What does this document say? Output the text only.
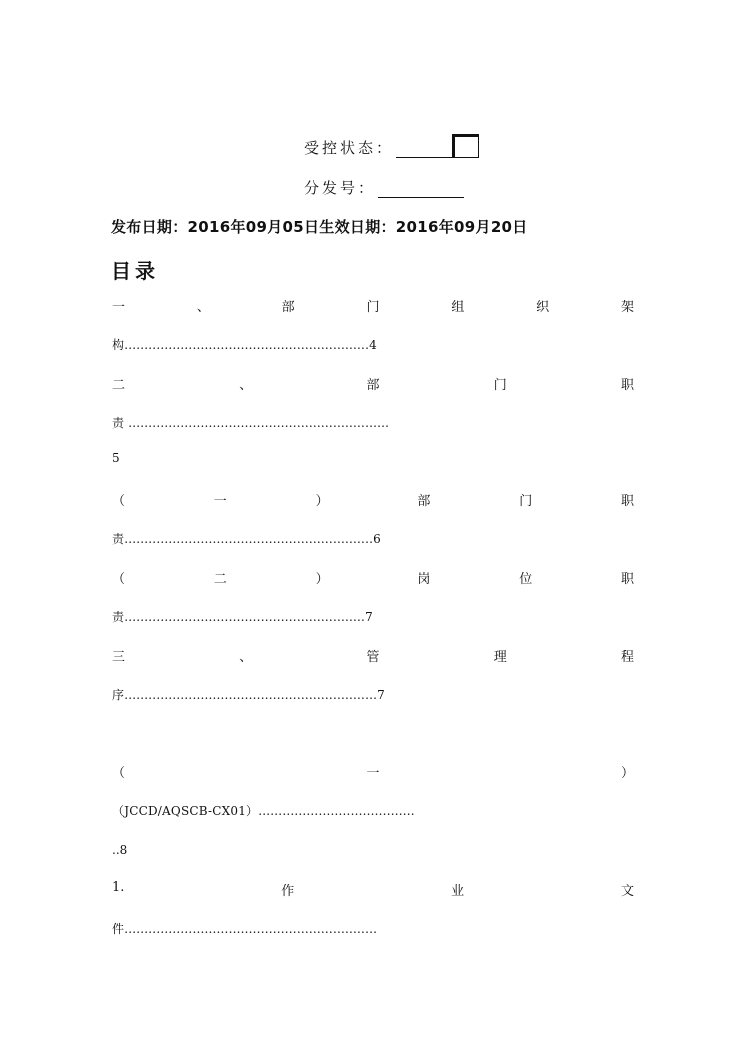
受控状态：
分发号：
发布日期：2016年09月05日生效日期：2016年09月20日
目录
一	、	部	门	组	织	架
构.............................................................4
二	、	部	门	职
责 .................................................................
5
（	一	）	部	门	职
责..............................................................6
（	二	）	岗	位	职
责............................................................7
三	、	管	理	程
序...............................................................7
（	一	）
（JCCD/AQSCB-CX01）.......................................
..8
1.	作	业	文
件...............................................................
